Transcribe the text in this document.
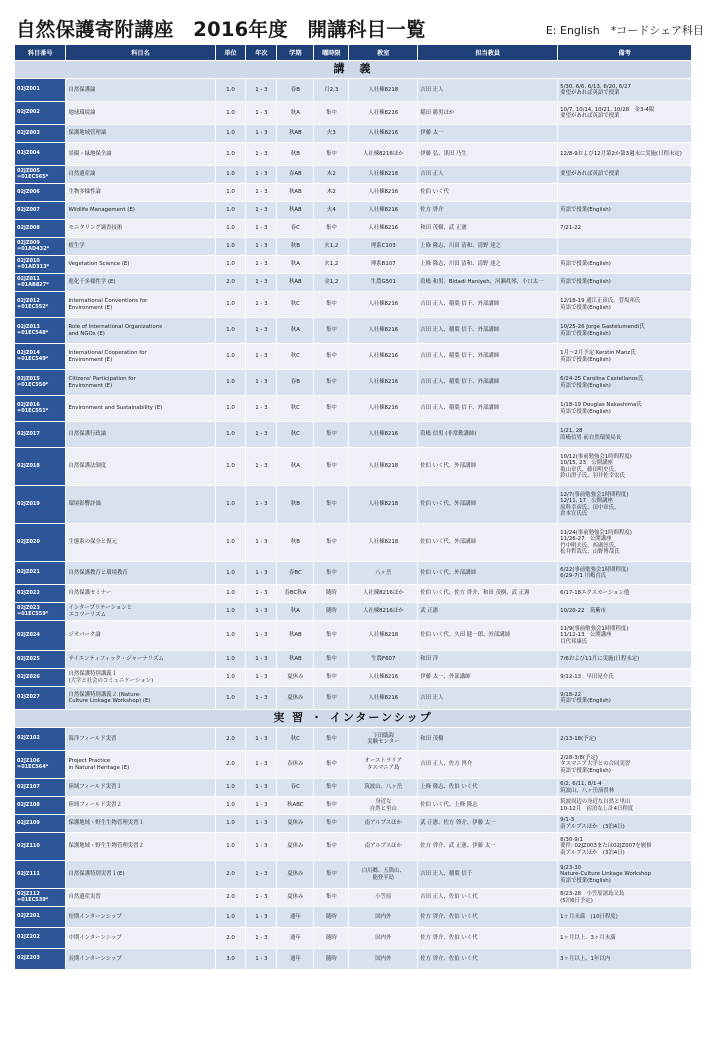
自然保護寄附講座　2016年度　開講科目一覧	E: English　*コードシェア科目
科目番号	科目名	単位	年次	学期	曜時限	教室	担当教員	備考
講　義								
02JZ001	自然保護論	1.0	1 - 3	春B	月2,3	人社棟8218	吉田 正人	5/30, 6/6, 6/13, 6/20, 6/27
要望があれば英語で授業
02JZ002	地球環境論	1.0	1 - 3	秋A	集中	人社棟8216	稲田 勝男ほか	10/7, 10/14, 10/21, 10/28　金3-4限
要望があれば英語で授業
02JZ003	保護地域管理論	1.0	1 - 3	秋AB	火3	人社棟8216	伊藤 太一	
02JZ004	景観・緑地保全論	1.0	1 - 3	秋B	集中	人社棟8216ほか	伊藤 弘、黒田 乃生	12/8-9および12月第2か第3週末に実施(日程未定)
02JZ005
=01EC565*	自然遺産論	1.0	1 - 3	春AB	木2	人社棟8218	吉田 正人	要望があれば英語で授業
02JZ006	生物多様性論	1.0	1 - 3	秋AB	木2	人社棟8216	佐伯 いく代	
02JZ007	Wildlife Management (E)	1.0	1 - 3	秋AB	火4	人社棟8216	佐方 啓介	英語で授業(English)
02JZ008	モニタリング調査技術	1.0	1 - 3	春C	集中	人社棟8216	和田 茂樹、武 正憲	7/21-22
02JZ009
=01AD432*	植生学	1.0	1 - 3	秋B	火1,2	理系C103	上條 隆志、川田 清和、清野 達之	
02JZ010
=01AD313*	Vegetation Science (E)	1.0	1 - 3	秋A	火1,2	理系B107	上條 隆志、川田 清和、清野 達之	英語で授業(English)
02JZ011
=01AB827*	進化千多様性学 (E)	2.0	1 - 3	秋AB	金1,2	生農G501	葭嶋 和男、Bidadi Haniyeh、河瀬眞琴、小口太一	英語で授業(English)
02JZ012
=01EC552*	International Conventions for
Environment (E)	1.0	1 - 3	秋C	集中	人社棟8216	吉田 正人、稲葉 信千、外部講師	12/18-19 通江正彦氏、菅坂邦氏
英語で授業(English)
02JZ013
=01EC548*	Role of International Organizations
and NGOs (E)	1.0	1 - 3	秋A	集中	人社棟8216	吉田 正人、稲葉 信千、外部講師	10/25-26 Jorge Gastelumendi氏
英語で授業(English)
02JZ014
=01EC549*	International Cooperation for
Environment (E)	1.0	1 - 3	秋C	集中	人社棟8216	吉田 正人、稲葉 信千、外部講師	1月～2月予定 Kerstin Manz氏
英語で授業(English)
02JZ015
=01EC550*	Citizens' Participation for
Environment (E)	1.0	1 - 3	春B	集中	人社棟8216	吉田 正人、稲葉 信千、外部講師	6/24-25 Carolina Castellanos氏
英語で授業(English)
02JZ016
=01EC551*	Environment and Sustainability (E)	1.0	1 - 3	秋C	集中	人社棟8216	吉田 正人、稲葉 信千、外部講師	1/18-19 Douglas Nakashima氏
英語で授業(English)
02JZ017	自然保護行政論	1.0	1 - 3	秋C	集中	人社棟8216	葭嶋 信男 (非常勤講師)	1/21, 28
葭嶋信男 前自然環境局長
02JZ018	自然保護法制度	1.0	1 - 3	秋A	集中	人社棟8218	佐伯 いく代、外部講師	10/12(事前勉強会1時間程度)
10/15, 23　公開講座
亀山章氏、藤田明史氏、
鈴山澄子氏、羽井佐幸宏氏
02JZ019	環境影響評価	1.0	1 - 3	秋B	集中	人社棟8218	佐伯 いく代、外部講師	12/7(事前勉強会1時間程度)
12/11, 17　公開講座
原科幸彦氏、田中章氏、
倉本宣氏氏
02JZ020	生態系の保全と復元	1.0	1 - 3	秋B	集中	人社棟8218	佐伯 いく代、外部講師	11/24(事前勉強会1時間程度)
11/26-27　公開講座
竹中明夫氏、西廣淳氏、
松井哲哉氏、山野博哉氏
02JZ021	自然保護教育と環境教育	1.0	1 - 3	春BC	集中	八ヶ岳	佐伯 いく代、外部講師	6/22(事前勉強会1時間程度)
6/29-7/1 川嶋直氏
02JZ022	自然保護セミナー	1.0	1 - 3	春BC秋A	随時	人社棟8216ほか	佐伯 いく代、佐方 啓介、和田 茂樹、武 正憲	6/17-18エクスカーション他
02JZ023
=01EC559*	インタープリテーションと
エコツーリズム	1.0	1 - 3	秋A	随時	人社棟8216ほか	武 正憲	10/20-22　筑紫市
02JZ024	ジオパーク論	1.0	1 - 3	秋AB	集中	人社棟8218	佐伯 いく代、久田 健一郎、外部講師	11/9(事前勉強会1時間程度)
11/12-13　公開講座
目代邦康氏
02JZ025	サイエンティフィック・ジャーナリズム	1.0	1 - 3	秋AB	集中	生農F607	和田 洋	7/6および11月に実施(日程未定)
02JZ026	自然保護特別講義１
(大学と社会のコミュニケーション)	1.0	1 - 3	夏休み	集中	人社棟8216	伊藤 太一、外部講師	9/12-13　早田晃介氏
02JZ027	自然保護特別講義２ (Nature-
Culture Linkage Workshop) (E)	1.0	1 - 3	夏休み	集中	人社棟8216	吉田 正人	9/18-22
英語で授業(English)
実 習 ・ インターンシップ								
02JZ102	海洋フィールド実習	2.0	1 - 3	秋C	集中	下田臨海
実験センター	和田 茂樹	2/13-18(予定)
02JZ106
=01EC564*	Project Practice
in Natural Heritage (E)	2.0	1 - 3	春休み	集中	オーストラリア
タスマニア島	吉田 正人、佐方 啓介	2/28-3/8(予定)
タスマニア大学との合同実習
英語で授業(English)
02JZ107	陸域フィールド実習１	1.0	1 - 3	春C	集中	筑波山、八ヶ岳	上條 隆志、佐伯 いく代	6/2, 6/11, 8/1-4
筑波山、八ヶ岳演習林
02JZ108	陸域フィールド実習２	1.0	1 - 3	秋ABC	集中	身近な
自然と里山	佐伯 いく代、上條 隆志	筑波周辺の身近な自然と里山
10-12月　宿泊なし計4日程度
02JZ109	保護地域・野生生物管理実習１	1.0	1 - 3	夏休み	集中	南アルプスほか	武 正憲、佐方 啓介、伊藤 太一	9/1-3
南アルプスほか　(3泊4日)
02JZ110	保護地域・野生生物管理実習２	1.0	1 - 3	夏休み	集中	南アルプスほか	佐方 啓介、武 正憲、伊藤 太一	8/30-9/1
要件: 02JZ003または02JZ007を履修
南アルプスほか　(3泊4日)
02JZ111	自然保護特別実習１(E)	2.0	1 - 3	夏休み	集中	白川郷、五箇山、
能登半島	吉田 正人、稲葉 信千	9/23-30
Nature-Culture Linkage Workshop
英語で授業(English)
02JZ112
=01EC539*	自然遺産実習	2.0	1 - 3	夏休み	集中	小笠原	吉田 正人、佐伯 いく代	8/23-28　小笠原諸島父島
(5泊6日予定)
02JZ201	短期インターンシップ	1.0	1 - 3	通年	随時	国内外	佐方 啓介、佐伯 いく代	1ヶ月未満　(10日程度)
02JZ202	中期インターンシップ	2.0	1 - 3	通年	随時	国内外	佐方 啓介、佐伯 いく代	1ヶ月以上、3ヶ月未満
02JZ203	長期インターンシップ	3.0	1 - 3	通年	随時	国内外	佐方 啓介、佐伯 いく代	3ヶ月以上、1年以内
